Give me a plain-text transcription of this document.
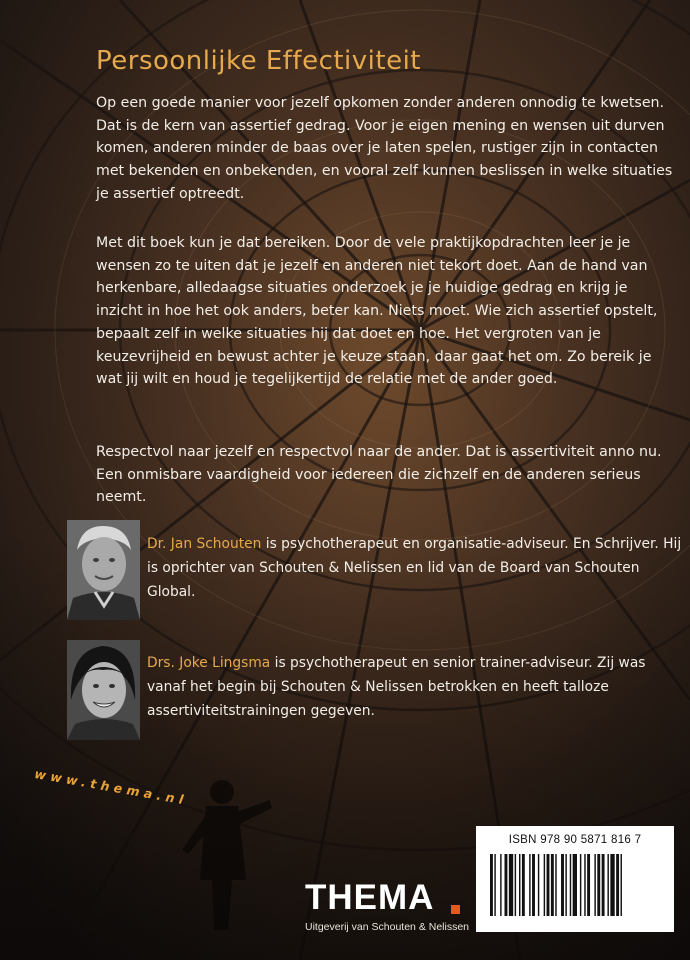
Persoonlijke Effectiviteit
Op een goede manier voor jezelf opkomen zonder anderen onnodig te kwetsen. Dat is de kern van assertief gedrag. Voor je eigen mening en wensen uit durven komen, anderen minder de baas over je laten spelen, rustiger zijn in contacten met bekenden en onbekenden, en vooral zelf kunnen beslissen in welke situaties je assertief optreedt.
Met dit boek kun je dat bereiken. Door de vele praktijkopdrachten leer je je wensen zo te uiten dat je jezelf en anderen niet tekort doet. Aan de hand van herkenbare, alledaagse situaties onderzoek je je huidige gedrag en krijg je inzicht in hoe het ook anders, beter kan. Niets moet. Wie zich assertief opstelt, bepaalt zelf in welke situaties hij dat doet en hoe. Het vergroten van je keuzevrijheid en bewust achter je keuze staan, daar gaat het om. Zo bereik je wat jij wilt en houd je tegelijkertijd de relatie met de ander goed.
Respectvol naar jezelf en respectvol naar de ander. Dat is assertiviteit anno nu. Een onmisbare vaardigheid voor iedereen die zichzelf en de anderen serieus neemt.
Dr. Jan Schouten is psychotherapeut en organisatie-adviseur. En Schrijver. Hij is oprichter van Schouten & Nelissen en lid van de Board van Schouten Global.
Drs. Joke Lingsma is psychotherapeut en senior trainer-adviseur. Zij was vanaf het begin bij Schouten & Nelissen betrokken en heeft talloze assertiviteitstrainingen gegeven.
www.thema.nl
ISBN 978 90 5871 816 7
THEMA
Uitgeverij van Schouten & Nelissen
